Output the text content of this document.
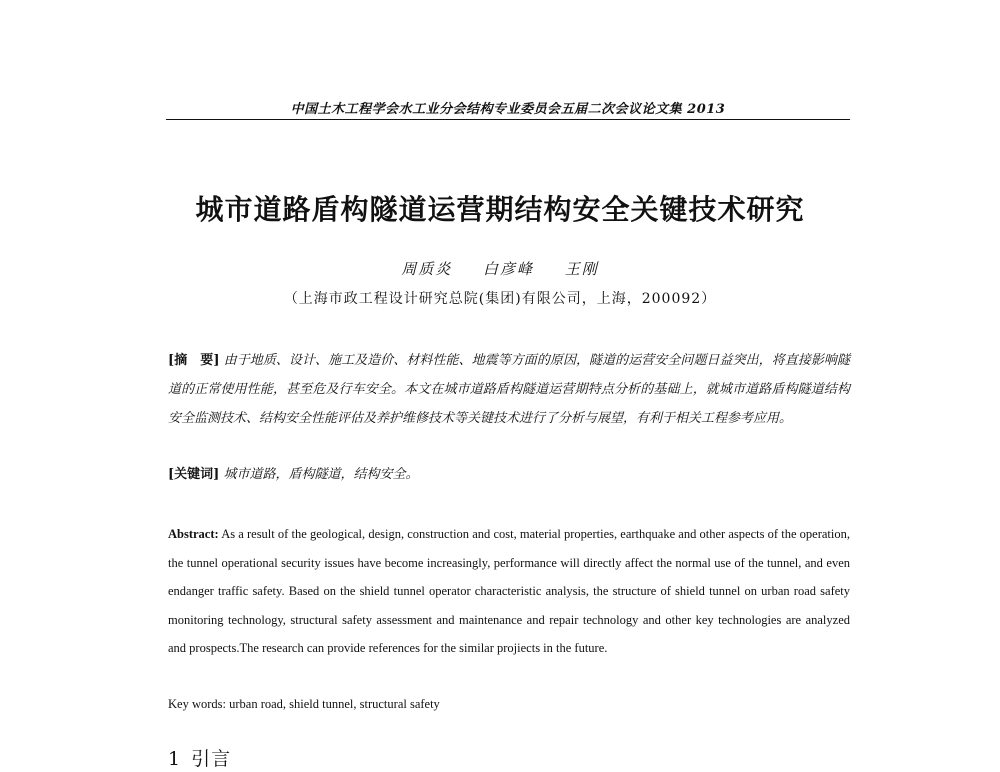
中国土木工程学会水工业分会结构专业委员会五届二次会议论文集 2013
城市道路盾构隧道运营期结构安全关键技术研究
周质炎 白彦峰 王刚
（上海市政工程设计研究总院(集团)有限公司，上海，200092）
[摘　要] 由于地质、设计、施工及造价、材料性能、地震等方面的原因，隧道的运营安全问题日益突出，将直接影响隧道的正常使用性能，甚至危及行车安全。本文在城市道路盾构隧道运营期特点分析的基础上，就城市道路盾构隧道结构安全监测技术、结构安全性能评估及养护维修技术等关键技术进行了分析与展望，有利于相关工程参考应用。
[关键词] 城市道路，盾构隧道，结构安全。
Abstract: As a result of the geological, design, construction and cost, material properties, earthquake and other aspects of the operation, the tunnel operational security issues have become increasingly, performance will directly affect the normal use of the tunnel, and even endanger traffic safety. Based on the shield tunnel operator characteristic analysis, the structure of shield tunnel on urban road safety monitoring technology, structural safety assessment and maintenance and repair technology and other key technologies are analyzed and prospects.The research can provide references for the similar projiects in the future.
Key words: urban road, shield tunnel, structural safety
1 引言
